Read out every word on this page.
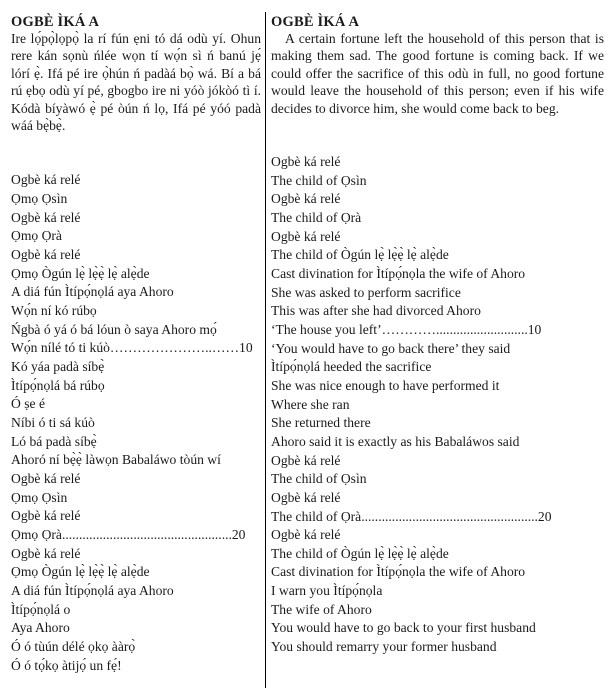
OGBÈ ÌKÁ A

Ire lọ́pọ̀lọpọ̀ la rí fún ẹni tó dá odù yí. Ohun rere kán sọnù ńlée wọn tí wọ́n sì ń banú jẹ́ lórí ẹ̀. Ifá pé ire ọ̀hún ń padàá bọ̀ wá. Bí a bá rú ẹbọ odù yí pé, gbogbo ire ni yóò jókòó tì í. Kódà bíyàwó ẹ̀ pé òún ń lọ, Ifá pé yóó padà wáá bẹ̀bẹ̀.

Ogbè ká relé
Ọmọ Ọsìn
Ogbè ká relé
Ọmọ Ọrà
Ogbè ká relé
Ọmọ Ògún lẹ̀ lẹ̀ẹ̀ lẹ̀ alẹ̀de
A diá fún Ìtípọ́nọlá aya Ahoro
Wọ́n ní kó rúbọ
Ńgbà ó yá ó bá lóun ò saya Ahoro mọ́
Wọ́n nílé tó ti kúò…………………..……10
Kó yáa padà síbẹ̀
Ìtípọ́nọlá bá rúbọ
Ó ṣe é
Níbi ó ti sá kúò
Ló bá padà síbẹ̀
Ahoró ní bẹ̀ẹ̀ làwọn Babaláwo tòún wí
Ogbè ká relé
Ọmọ Ọsìn
Ogbè ká relé
Ọmọ Ọrà..................................................20
Ogbè ká relé
Ọmọ Ògún lẹ̀ lẹ̀ẹ̀ lẹ̀ alẹ̀de
A diá fún Ìtípọ́nọlá aya Ahoro
Ìtípọ́nọlá o
Aya Ahoro
Ó ó tùún délé ọkọ ààrọ̀
Ó ó tọ́kọ àtijọ́ un fẹ́!
OGBÈ ÌKÁ A

A certain fortune left the household of this person that is making them sad. The good fortune is coming back. If we could offer the sacrifice of this odù in full, no good fortune would leave the household of this person; even if his wife decides to divorce him, she would come back to beg.

Ogbè ká relé
The child of Ọsìn
Ogbè ká relé
The child of Ọrà
Ogbè ká relé
The child of Ògún lẹ̀ lẹ̀ẹ̀ lẹ̀ alẹ̀de
Cast divination for Ìtípọ́nọla the wife of Ahoro
She was asked to perform sacrifice
This was after she had divorced Ahoro
‘The house you left’…………...........................10
‘You would have to go back there’ they said
Ìtípọ́nọlá heeded the sacrifice
She was nice enough to have performed it
Where she ran
She returned there
Ahoro said it is exactly as his Babaláwos said
Ogbè ká relé
The child of Ọsìn
Ogbè ká relé
The child of Ọrà....................................................20
Ogbè ká relé
The child of Ògún lẹ̀ lẹ̀ẹ̀ lẹ̀ alẹ̀de
Cast divination for Ìtípọ́nọla the wife of Ahoro
I warn you Ìtípọ́nọla
The wife of Ahoro
You would have to go back to your first husband
You should remarry your former husband
